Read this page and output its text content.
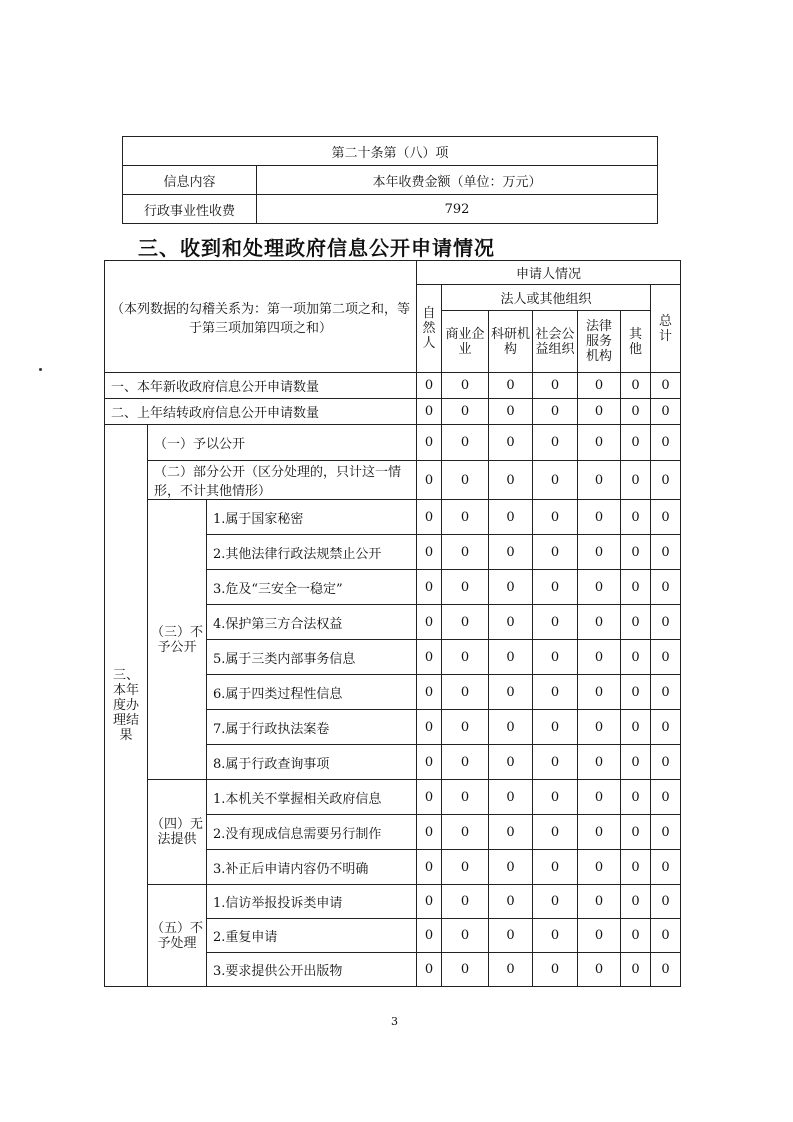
第二十条第（八）项	
信息内容	本年收费金额（单位：万元）
行政事业性收费	792
三、收到和处理政府信息公开申请情况
（本列数据的勾稽关系为：第一项加第二项之和，等于第三项加第四项之和）			申请人情况						
			自然人	法人或其他组织					总计
				商业企业	科研机构	社会公益组织	法律服务机构	其他	
一、本年新收政府信息公开申请数量			0	0	0	0	0	0	0
二、上年结转政府信息公开申请数量			0	0	0	0	0	0	0
三、本年度办理结果	（一）予以公开		0	0	0	0	0	0	0
	（二）部分公开（区分处理的，只计这一情形，不计其他情形）		0	0	0	0	0	0	0
	（三）不予公开	1.属于国家秘密	0	0	0	0	0	0	0
		2.其他法律行政法规禁止公开	0	0	0	0	0	0	0
		3.危及“三安全一稳定”	0	0	0	0	0	0	0
		4.保护第三方合法权益	0	0	0	0	0	0	0
		5.属于三类内部事务信息	0	0	0	0	0	0	0
		6.属于四类过程性信息	0	0	0	0	0	0	0
		7.属于行政执法案卷	0	0	0	0	0	0	0
		8.属于行政查询事项	0	0	0	0	0	0	0
	（四）无法提供	1.本机关不掌握相关政府信息	0	0	0	0	0	0	0
		2.没有现成信息需要另行制作	0	0	0	0	0	0	0
		3.补正后申请内容仍不明确	0	0	0	0	0	0	0
	（五）不予处理	1.信访举报投诉类申请	0	0	0	0	0	0	0
		2.重复申请	0	0	0	0	0	0	0
		3.要求提供公开出版物	0	0	0	0	0	0	0
3
